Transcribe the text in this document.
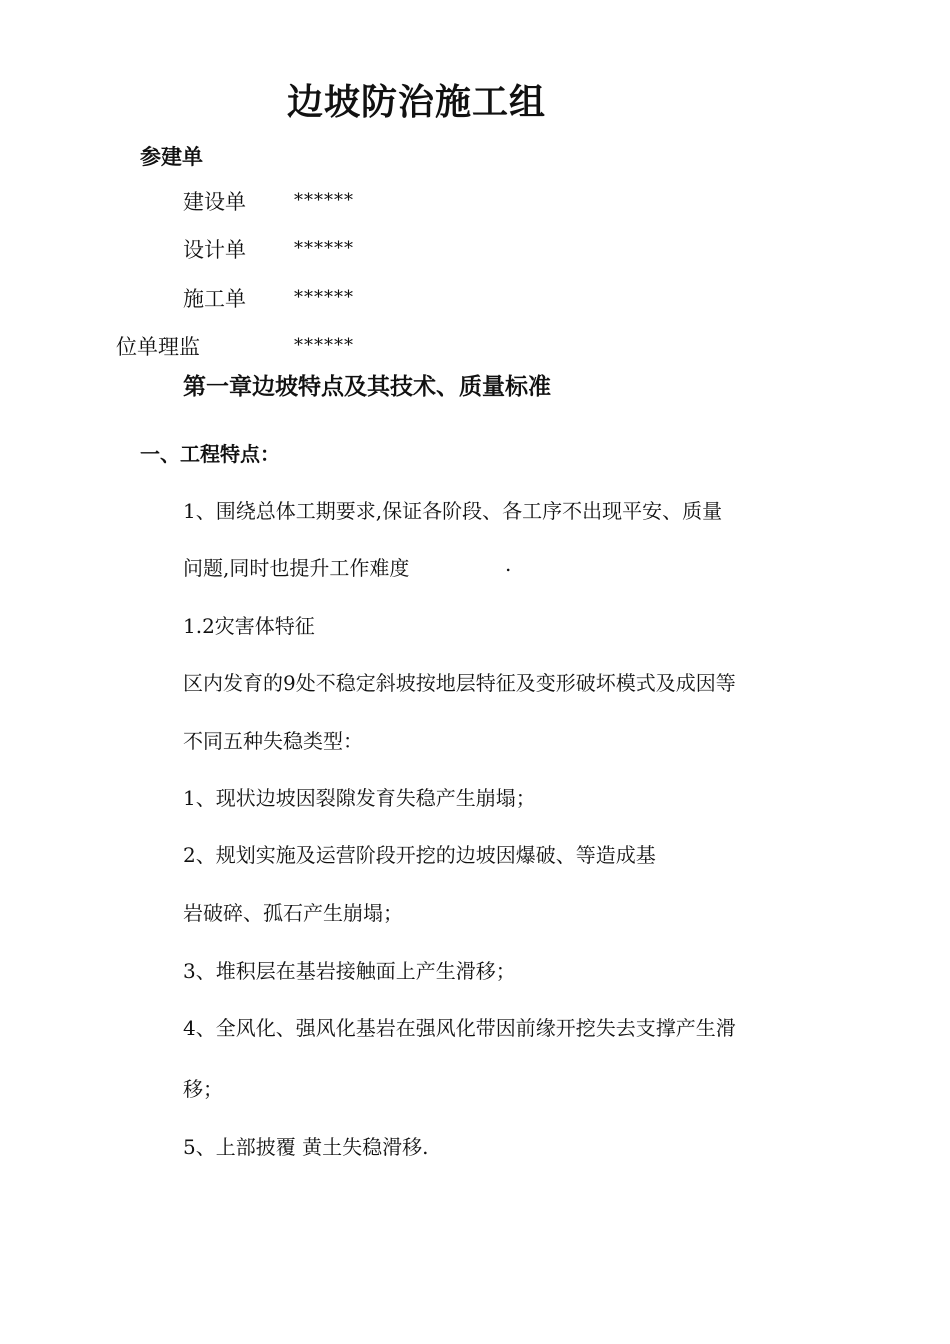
边坡防治施工组
参建单
建设单	******
设计单	******
施工单	******
位单理监	******
第一章边坡特点及其技术、质量标准
一、工程特点：
1、围绕总体工期要求,保证各阶段、各工序不出现平安、质量
问题,同时也提升工作难度	.
1.2灾害体特征
区内发育的9处不稳定斜坡按地层特征及变形破坏模式及成因等
不同五种失稳类型：
1、现状边坡因裂隙发育失稳产生崩塌；
2、规划实施及运营阶段开挖的边坡因爆破、等造成基
岩破碎、孤石产生崩塌；
3、堆积层在基岩接触面上产生滑移；
4、全风化、强风化基岩在强风化带因前缘开挖失去支撑产生滑
移；
5、上部披覆 黄土失稳滑移.
